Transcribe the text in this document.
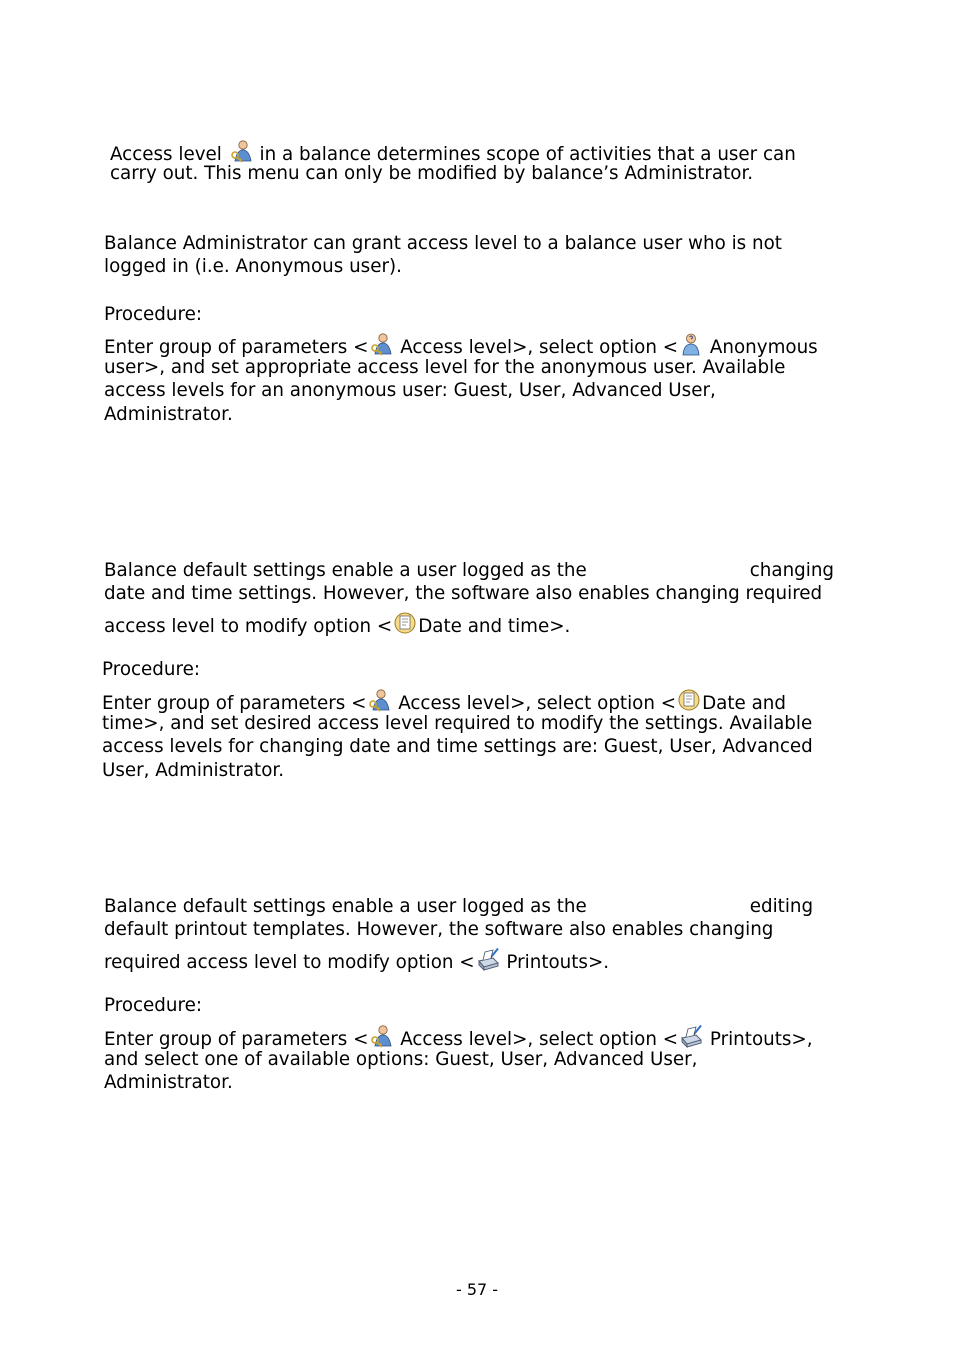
Access level
in a balance determines scope of activities that a user can
carry out. This menu can only be modified by balance’s Administrator.
Balance Administrator can grant access level to a balance user who is not
logged in (i.e. Anonymous user).
Procedure:
Enter group of parameters <
Access level>, select option <
Anonymous
user>, and set appropriate access level for the anonymous user. Available
access levels for an anonymous user: Guest, User, Advanced User,
Administrator.
Balance default settings enable a user logged as the	changing
date and time settings. However, the software also enables changing required
access level to modify option < Date and time>.
Procedure:
Enter group of parameters <
Access level>, select option < Date and
time>, and set desired access level required to modify the settings. Available
access levels for changing date and time settings are: Guest, User, Advanced
User, Administrator.
Balance default settings enable a user logged as the	editing
default printout templates. However, the software also enables changing
required access level to modify option <
Printouts>.
Procedure:
Enter group of parameters <
Access level>, select option <
Printouts>,
and select one of available options: Guest, User, Advanced User,
Administrator.
- 57 -
